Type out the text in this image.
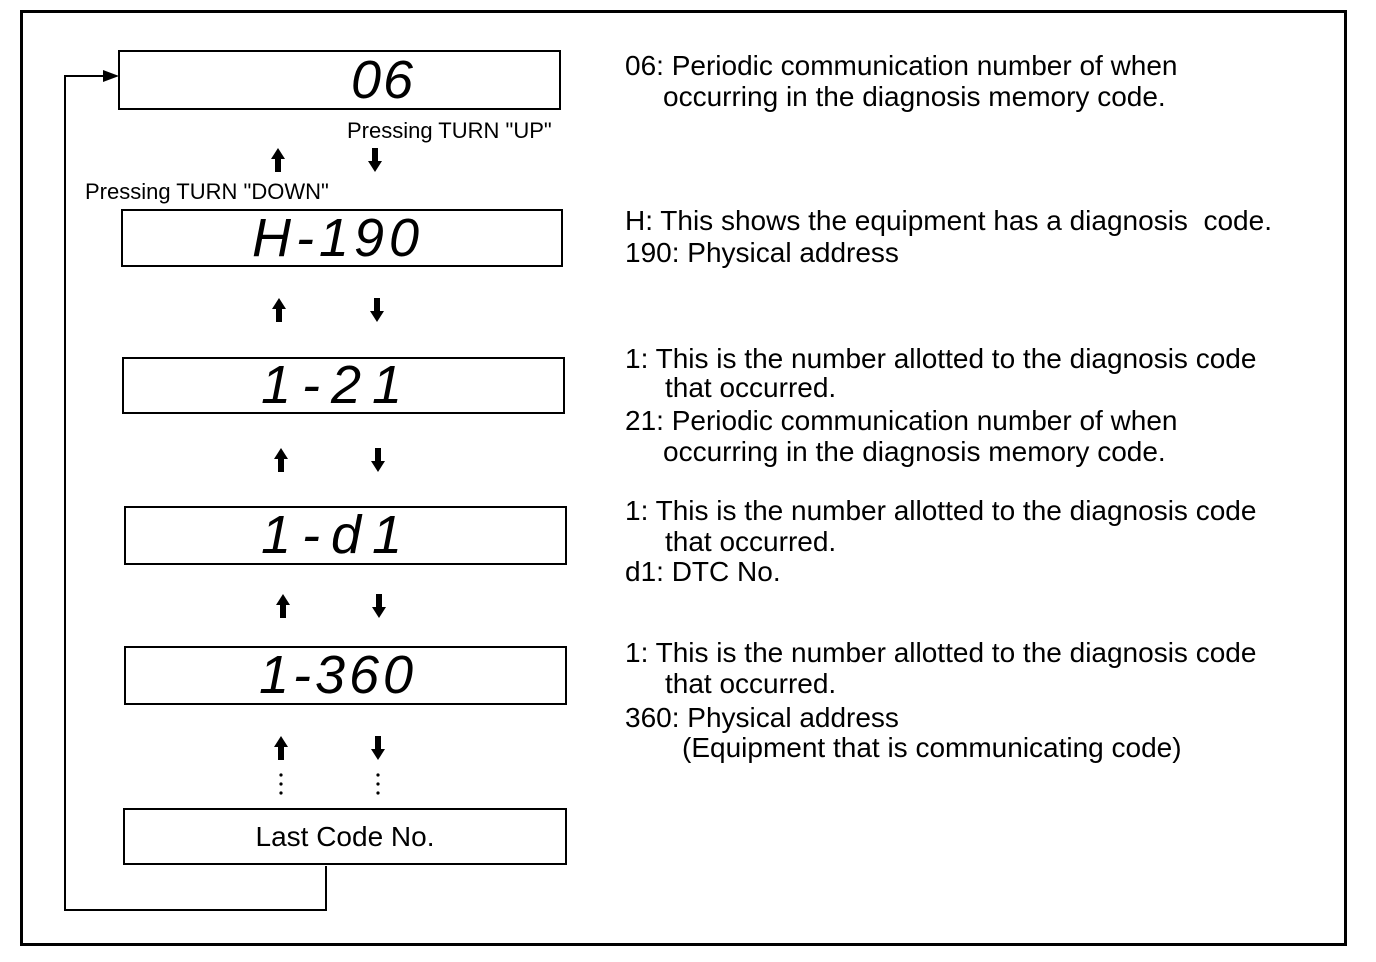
Pressing TURN "UP"
Pressing TURN "DOWN"
06
H-190
1-21
1-d1
1-360
Last Code No.
06: Periodic communication number of when
occurring in the diagnosis memory code.
H: This shows the equipment has a diagnosis  code.
190: Physical address
1: This is the number allotted to the diagnosis code
that occurred.
21: Periodic communication number of when
occurring in the diagnosis memory code.
1: This is the number allotted to the diagnosis code
that occurred.
d1: DTC No.
1: This is the number allotted to the diagnosis code
that occurred.
360: Physical address
(Equipment that is communicating code)
